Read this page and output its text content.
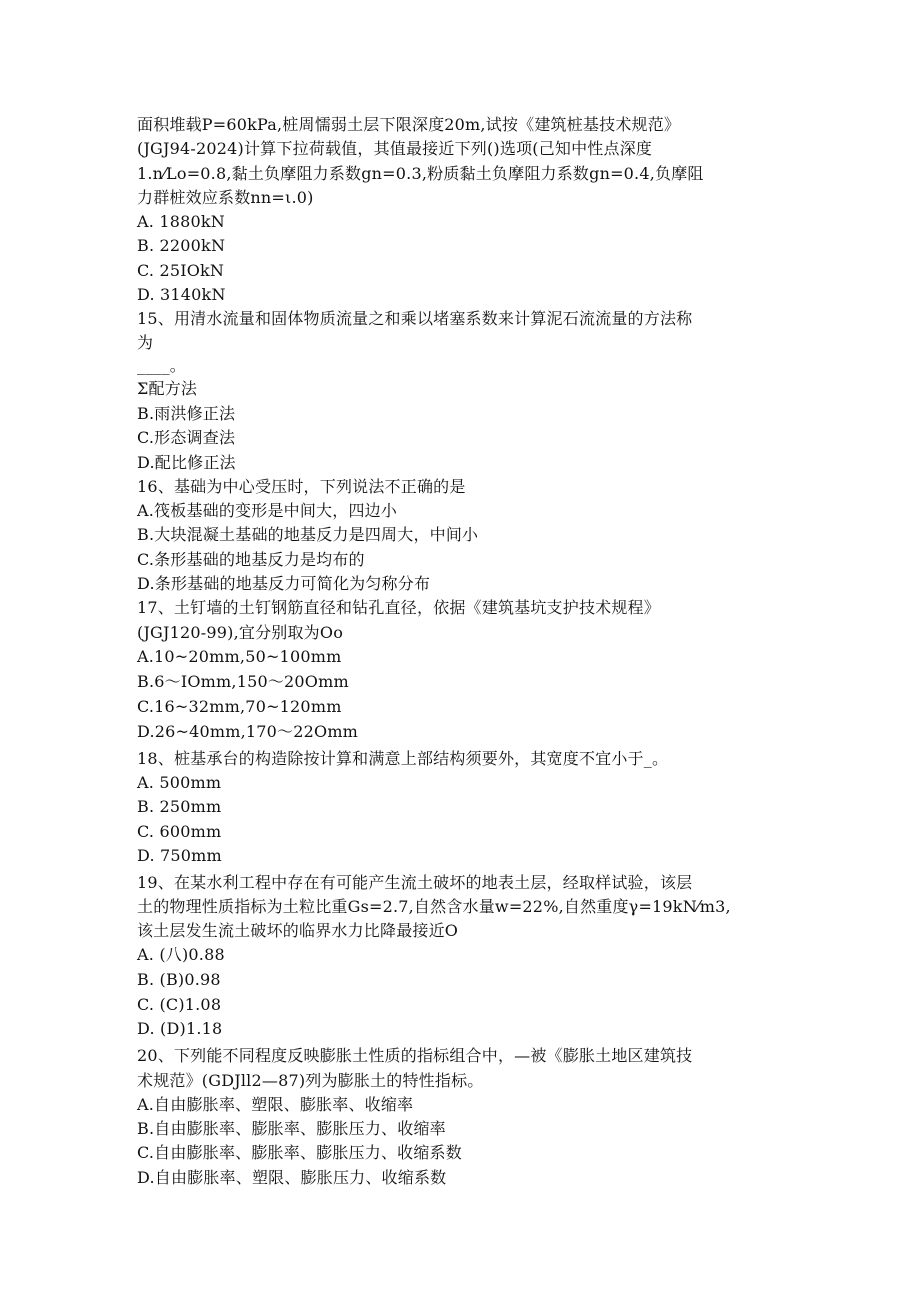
面积堆载P=60kPa,桩周懦弱土层下限深度20m,试按《建筑桩基技术规范》
(JGJ94-2024)计算下拉荷载值，其值最接近下列()选项(己知中性点深度
1.n⁄Lo=0.8,黏土负摩阻力系数gn=0.3,粉质黏土负摩阻力系数gn=0.4,负摩阻
力群桩效应系数nn=ι.0)
A. 1880kN
B. 2200kN
C. 25IOkN
D. 3140kN
15、用清水流量和固体物质流量之和乘以堵塞系数来计算泥石流流量的方法称
为
____。
Σ配方法
B.雨洪修正法
C.形态调查法
D.配比修正法
16、基础为中心受压时，下列说法不正确的是
A.筏板基础的变形是中间大，四边小
B.大块混凝土基础的地基反力是四周大，中间小
C.条形基础的地基反力是均布的
D.条形基础的地基反力可简化为匀称分布
17、土钉墙的土钉钢筋直径和钻孔直径，依据《建筑基坑支护技术规程》
(JGJ120-99),宜分别取为Oo
A.10~20mm,50~100mm
B.6～IOmm,150～20Omm
C.16~32mm,70~120mm
D.26~40mm,170～22Omm
18、桩基承台的构造除按计算和满意上部结构须要外，其宽度不宜小于_。
A. 500mm
B. 250mm
C. 600mm
D. 750mm
19、在某水利工程中存在有可能产生流土破坏的地表土层，经取样试验，该层
土的物理性质指标为土粒比重Gs=2.7,自然含水量w=22%,自然重度γ=19kN⁄m3,
该土层发生流土破坏的临界水力比降最接近O
A. (八)0.88
B. (B)0.98
C. (C)1.08
D. (D)1.18
20、下列能不同程度反映膨胀土性质的指标组合中，—被《膨胀土地区建筑技
术规范》(GDJll2—87)列为膨胀土的特性指标。
A.自由膨胀率、塑限、膨胀率、收缩率
B.自由膨胀率、膨胀率、膨胀压力、收缩率
C.自由膨胀率、膨胀率、膨胀压力、收缩系数
D.自由膨胀率、塑限、膨胀压力、收缩系数
